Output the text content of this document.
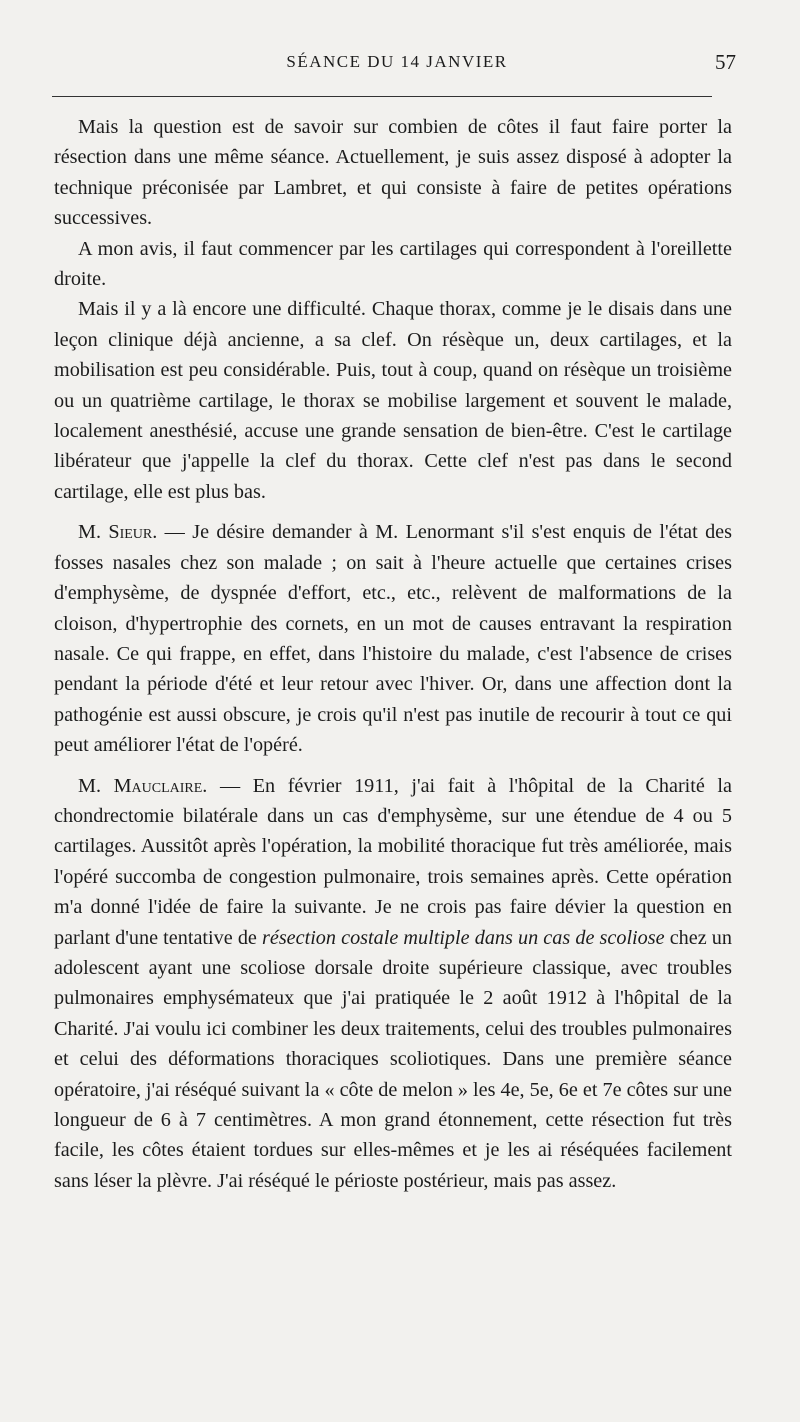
SÉANCE DU 14 JANVIER	57

Mais la question est de savoir sur combien de côtes il faut faire porter la résection dans une même séance. Actuellement, je suis assez disposé à adopter la technique préconisée par Lambret, et qui consiste à faire de petites opérations successives.

A mon avis, il faut commencer par les cartilages qui correspondent à l'oreillette droite.

Mais il y a là encore une difficulté. Chaque thorax, comme je le disais dans une leçon clinique déjà ancienne, a sa clef. On résèque un, deux cartilages, et la mobilisation est peu considérable. Puis, tout à coup, quand on résèque un troisième ou un quatrième cartilage, le thorax se mobilise largement et souvent le malade, localement anesthésié, accuse une grande sensation de bien-être. C'est le cartilage libérateur que j'appelle la clef du thorax. Cette clef n'est pas dans le second cartilage, elle est plus bas.

M. Sieur. — Je désire demander à M. Lenormant s'il s'est enquis de l'état des fosses nasales chez son malade ; on sait à l'heure actuelle que certaines crises d'emphysème, de dyspnée d'effort, etc., etc., relèvent de malformations de la cloison, d'hypertrophie des cornets, en un mot de causes entravant la respiration nasale. Ce qui frappe, en effet, dans l'histoire du malade, c'est l'absence de crises pendant la période d'été et leur retour avec l'hiver. Or, dans une affection dont la pathogénie est aussi obscure, je crois qu'il n'est pas inutile de recourir à tout ce qui peut améliorer l'état de l'opéré.

M. Mauclaire. — En février 1911, j'ai fait à l'hôpital de la Charité la chondrectomie bilatérale dans un cas d'emphysème, sur une étendue de 4 ou 5 cartilages. Aussitôt après l'opération, la mobilité thoracique fut très améliorée, mais l'opéré succomba de congestion pulmonaire, trois semaines après. Cette opération m'a donné l'idée de faire la suivante. Je ne crois pas faire dévier la question en parlant d'une tentative de résection costale multiple dans un cas de scoliose chez un adolescent ayant une scoliose dorsale droite supérieure classique, avec troubles pulmonaires emphysémateux que j'ai pratiquée le 2 août 1912 à l'hôpital de la Charité. J'ai voulu ici combiner les deux traitements, celui des troubles pulmonaires et celui des déformations thoraciques scoliotiques. Dans une première séance opératoire, j'ai réséqué suivant la « côte de melon » les 4e, 5e, 6e et 7e côtes sur une longueur de 6 à 7 centimètres. A mon grand étonnement, cette résection fut très facile, les côtes étaient tordues sur elles-mêmes et je les ai réséquées facilement sans léser la plèvre. J'ai réséqué le périoste postérieur, mais pas assez.
